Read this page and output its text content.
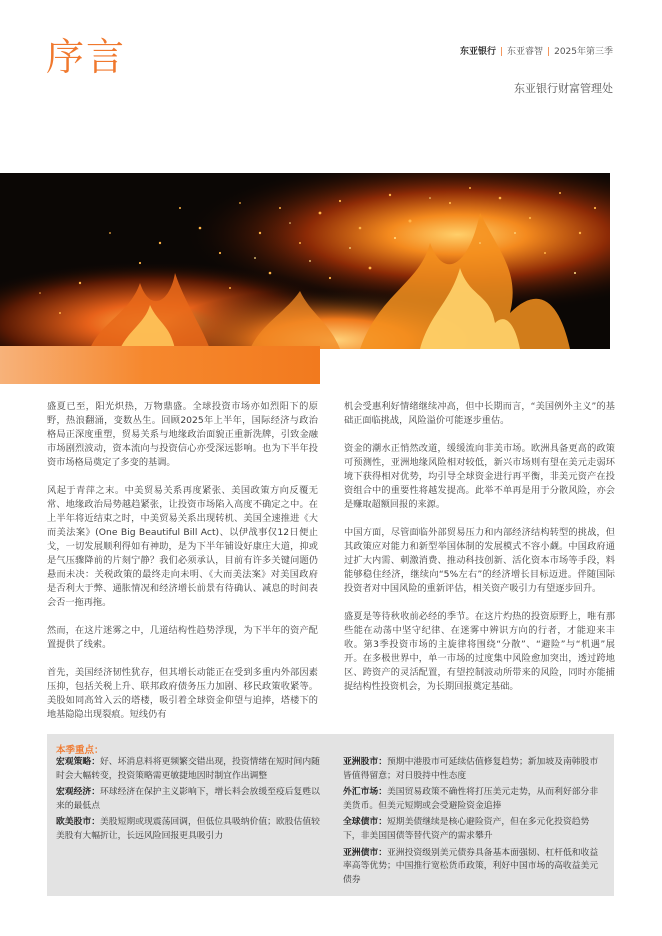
序言	东亚银行 | 东亚睿智 | 2025年第三季
东亚银行财富管理处

盛夏已至，阳光炽热，万物鼎盛。全球投资市场亦如烈阳下的原野，热浪翻涌，变数丛生。回顾2025年上半年，国际经济与政治格局正深度重塑，贸易关系与地缘政治面貌正重新洗牌，引致金融市场剧烈波动，资本流向与投资信心亦受深远影响。也为下半年投资市场格局奠定了多变的基调。

风起于青萍之末。中美贸易关系再度紧张、美国政策方向反覆无常、地缘政治局势越趋紧张，让投资市场陷入高度不确定之中。在上半年将近结束之时，中美贸易关系出现转机、美国全速推进《大而美法案》(One Big Beautiful Bill Act)、以伊战事仅12日便止戈，一切发展顺利得如有神助，是为下半年铺设好康庄大道，抑或是气压骤降前的片刻宁静？我们必须承认，目前有许多关键问题仍悬而未决：关税政策的最终走向未明、《大而美法案》对美国政府是否利大于弊、通胀情况和经济增长前景有待确认、减息的时间表会否一拖再拖。

然而，在这片迷雾之中，几道结构性趋势浮现，为下半年的资产配置提供了线索。

首先，美国经济韧性犹存，但其增长动能正在受到多重内外部因素压抑，包括关税上升、联邦政府债务压力加剧、移民政策收紧等。美股如同高耸入云的塔楼，吸引着全球资金仰望与追捧，塔楼下的地基隐隐出现裂痕。短线仍有

机会受惠利好情绪继续冲高，但中长期而言，“美国例外主义”的基础正面临挑战，风险溢价可能逐步重估。

资金的潮水正悄然改道，缓缓流向非美市场。欧洲具备更高的政策可预测性，亚洲地缘风险相对较低，新兴市场则有望在美元走弱环境下获得相对优势，均引导全球资金进行再平衡，非美元资产在投资组合中的重要性将越发提高。此举不单再是用于分散风险，亦会是赚取超额回报的来源。

中国方面，尽管面临外部贸易压力和内部经济结构转型的挑战，但其政策应对能力和新型举国体制的发展模式不容小觑。中国政府通过扩大内需、刺激消费、推动科技创新、活化资本市场等手段，料能够稳住经济，继续向“5%左右”的经济增长目标迈进。伴随国际投资者对中国风险的重新评估，相关资产吸引力有望逐步回升。

盛夏是等待秋收前必经的季节。在这片灼热的投资原野上，唯有那些能在动荡中坚守纪律、在迷雾中辨识方向的行者，才能迎来丰收。第3季投资市场的主旋律将围绕“分散”、“避险”与“机遇”展开。在多极世界中，单一市场的过度集中风险愈加突出，透过跨地区、跨资产的灵活配置，有望控制波动所带来的风险，同时亦能捕捉结构性投资机会，为长期回报奠定基础。

本季重点：
宏观策略：好、坏消息料将更频繁交错出现，投资情绪在短时间内随时会大幅转变，投资策略需更敏捷地因时制宜作出调整
宏观经济：环球经济在保护主义影响下，增长料会放缓至疫后复甦以来的最低点
欧美股市：美股短期或现震荡回调，但低位具吸纳价值；欧股估值较美股有大幅折让，长远风险回报更具吸引力
亚洲股市：预期中港股市可延续估值修复趋势；新加坡及南韩股市皆值得留意；对日股持中性态度
外汇市场：美国贸易政策不确性将打压美元走势，从而利好部分非美货币。但美元短期或会受避险资金追捧
全球债市：短期美债继续是核心避险资产，但在多元化投资趋势下，非美国国债等替代资产的需求攀升
亚洲债市：亚洲投资级别美元债券具备基本面强韧、杠杆低和收益率高等优势；中国推行宽松货币政策，利好中国市场的高收益美元债券
